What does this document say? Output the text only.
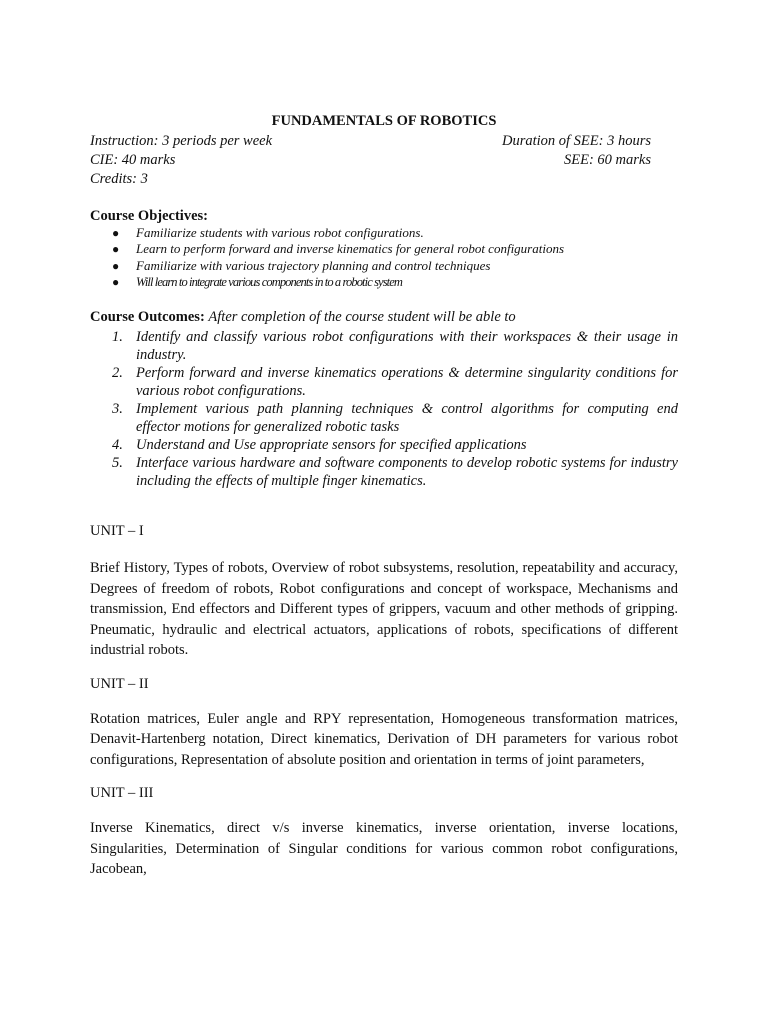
FUNDAMENTALS OF ROBOTICS
Instruction: 3 periods per week	Duration of SEE: 3 hours
CIE: 40 marks	SEE: 60 marks
Credits: 3
Course Objectives:
● Familiarize students with various robot configurations.
● Learn to perform forward and inverse kinematics for general robot configurations
● Familiarize with various trajectory planning and control techniques
● Will learn to integrate various components in to a robotic system
Course Outcomes: After completion of the course student will be able to
1. Identify and classify various robot configurations with their workspaces & their usage in industry.
2. Perform forward and inverse kinematics operations & determine singularity conditions for various robot configurations.
3. Implement various path planning techniques & control algorithms for computing end effector motions for generalized robotic tasks
4. Understand and Use appropriate sensors for specified applications
5. Interface various hardware and software components to develop robotic systems for industry including the effects of multiple finger kinematics.
UNIT – I

Brief History, Types of robots, Overview of robot subsystems, resolution, repeatability and accuracy, Degrees of freedom of robots, Robot configurations and concept of workspace, Mechanisms and transmission, End effectors and Different types of grippers, vacuum and other methods of gripping. Pneumatic, hydraulic and electrical actuators, applications of robots, specifications of different industrial robots.

UNIT – II

Rotation matrices, Euler angle and RPY representation, Homogeneous transformation matrices, Denavit-Hartenberg notation, Direct kinematics, Derivation of DH parameters for various robot configurations, Representation of absolute position and orientation in terms of joint parameters,

UNIT – III

Inverse Kinematics, direct v/s inverse kinematics, inverse orientation, inverse locations, Singularities, Determination of Singular conditions for various common robot configurations, Jacobean,
